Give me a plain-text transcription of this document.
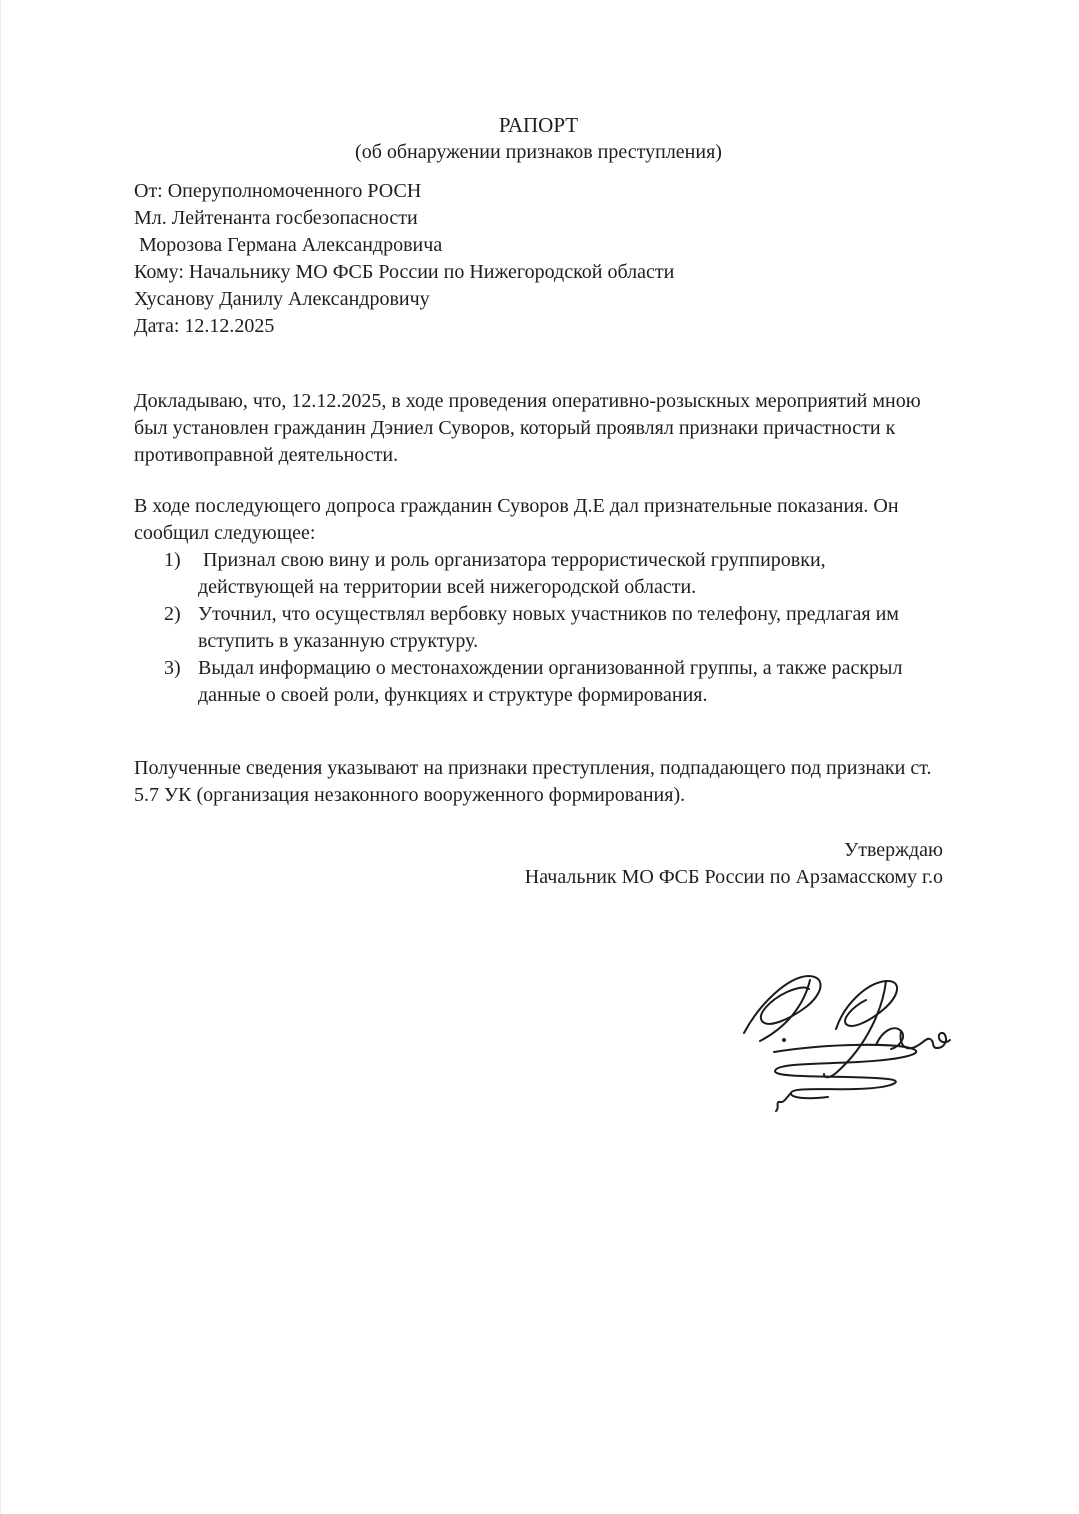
РАПОРТ
(об обнаружении признаков преступления)
От: Оперуполномоченного РОСН
Мл. Лейтенанта госбезопасности
Морозова Германа Александровича
Кому: Начальнику МО ФСБ России по Нижегородской области
Хусанову Данилу Александровичу
Дата: 12.12.2025

Докладываю, что, 12.12.2025, в ходе проведения оперативно-розыскных мероприятий мною был установлен гражданин Дэниел Суворов, который проявлял признаки причастности к противоправной деятельности.

В ходе последующего допроса гражданин Суворов Д.Е дал признательные показания. Он сообщил следующее:

1) Признал свою вину и роль организатора террористической группировки, действующей на территории всей нижегородской области.
2) Уточнил, что осуществлял вербовку новых участников по телефону, предлагая им вступить в указанную структуру.
3) Выдал информацию о местонахождении организованной группы, а также раскрыл данные о своей роли, функциях и структуре формирования.

Полученные сведения указывают на признаки преступления, подпадающего под признаки ст. 5.7 УК (организация незаконного вооруженного формирования).

Утверждаю
Начальник МО ФСБ России по Арзамасскому г.о
